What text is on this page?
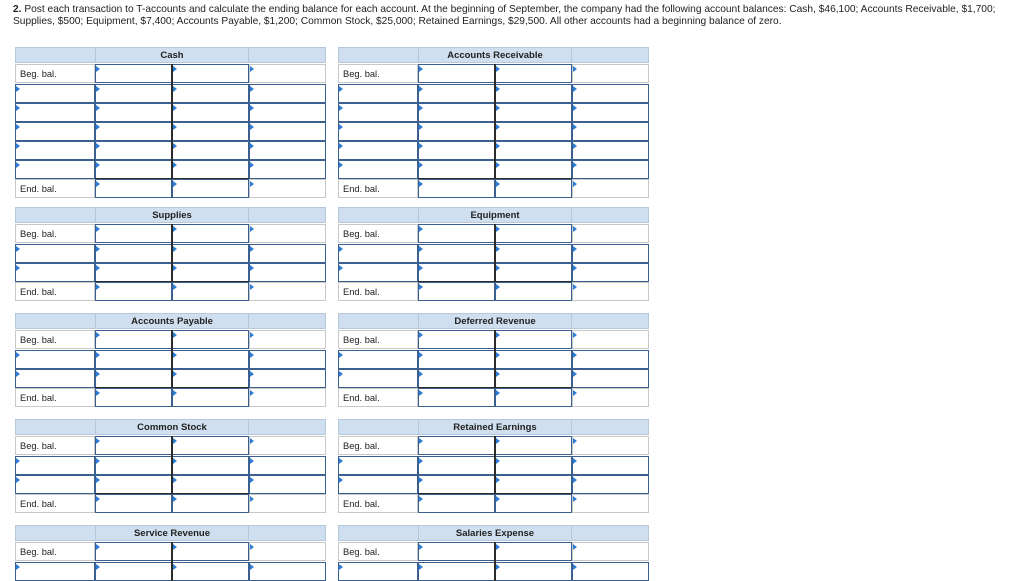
2. Post each transaction to T-accounts and calculate the ending balance for each account. At the beginning of September, the company had the following account balances: Cash, $46,100; Accounts Receivable, $1,700; Supplies, $500; Equipment, $7,400; Accounts Payable, $1,200; Common Stock, $25,000; Retained Earnings, $29,500. All other accounts had a beginning balance of zero.
Cash
Beg. bal.
End. bal.
Accounts Receivable
Beg. bal.
End. bal.
Supplies
Beg. bal.
End. bal.
Equipment
Beg. bal.
End. bal.
Accounts Payable
Beg. bal.
End. bal.
Deferred Revenue
Beg. bal.
End. bal.
Common Stock
Beg. bal.
End. bal.
Retained Earnings
Beg. bal.
End. bal.
Service Revenue
Beg. bal.
Salaries Expense
Beg. bal.
